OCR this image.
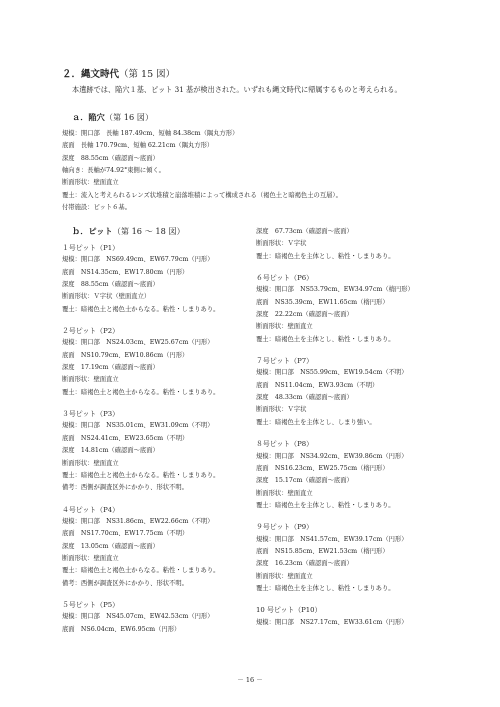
２．縄文時代（第 15 図）
本遺跡では、陥穴１基、ピット 31 基が検出された。いずれも縄文時代に帰属するものと考えられる。
ａ．陥穴（第 16 図）
規模：開口部　長軸 187.49cm、短軸 84.38cm（隅丸方形）
底面　長軸 170.79cm、短軸 62.21cm（隅丸方形）
深度　88.55cm（確認面～底面）
軸向き：長軸が74.92°東側に傾く。
断面形状：壁面直立
覆土：流入と考えられるレンズ状堆積と崩落堆積によって構成される（褐色土と暗褐色土の互層）。
付帯施設：ピット６基。
ｂ．ピット（第 16 ～ 18 図）
１号ピット（P1）
規模：開口部　NS69.49cm、EW67.79cm（円形）
底面　NS14.35cm、EW17.80cm（円形）
深度　88.55cm（確認面～底面）
断面形状：Ｖ字状（壁面直立）
覆土：暗褐色土と褐色土からなる。粘性・しまりあり。
２号ピット（P2）
規模：開口部　NS24.03cm、EW25.67cm（円形）
底面　NS10.79cm、EW10.86cm（円形）
深度　17.19cm（確認面～底面）
断面形状：壁面直立
覆土：暗褐色土と褐色土からなる。粘性・しまりあり。
３号ピット（P3）
規模：開口部　NS35.01cm、EW31.09cm（不明）
底面　NS24.41cm、EW23.65cm（不明）
深度　14.81cm（確認面～底面）
断面形状：壁面直立
覆土：暗褐色土と褐色土からなる。粘性・しまりあり。
備考：西側が調査区外にかかり、形状不明。
４号ピット（P4）
規模：開口部　NS31.86cm、EW22.66cm（不明）
底面　NS17.70cm、EW17.75cm（不明）
深度　13.05cm（確認面～底面）
断面形状：壁面直立
覆土：暗褐色土と褐色土からなる。粘性・しまりあり。
備考：西側が調査区外にかかり、形状不明。
５号ピット（P5）
規模：開口部　NS45.07cm、EW42.53cm（円形）
底面　NS6.04cm、EW6.95cm（円形）
深度　67.73cm（確認面～底面）
断面形状：Ｖ字状
覆土：暗褐色土を主体とし、粘性・しまりあり。
６号ピット（P6）
規模：開口部　NS53.79cm、EW34.97cm（楕円形）
底面　NS35.39cm、EW11.65cm（楕円形）
深度　22.22cm（確認面～底面）
断面形状：壁面直立
覆土：暗褐色土を主体とし、粘性・しまりあり。
７号ピット（P7）
規模：開口部　NS55.99cm、EW19.54cm（不明）
底面　NS11.04cm、EW3.93cm（不明）
深度　48.33cm（確認面～底面）
断面形状：Ｖ字状
覆土：暗褐色土を主体とし、しまり強い。
８号ピット（P8）
規模：開口部　NS34.92cm、EW39.86cm（円形）
底面　NS16.23cm、EW25.75cm（楕円形）
深度　15.17cm（確認面～底面）
断面形状：壁面直立
覆土：暗褐色土を主体とし、粘性・しまりあり。
９号ピット（P9）
規模：開口部　NS41.57cm、EW39.17cm（円形）
底面　NS15.85cm、EW21.53cm（楕円形）
深度　16.23cm（確認面～底面）
断面形状：壁面直立
覆土：暗褐色土を主体とし、粘性・しまりあり。
10 号ピット（P10）
規模：開口部　NS27.17cm、EW33.61cm（円形）
－ 16 －
